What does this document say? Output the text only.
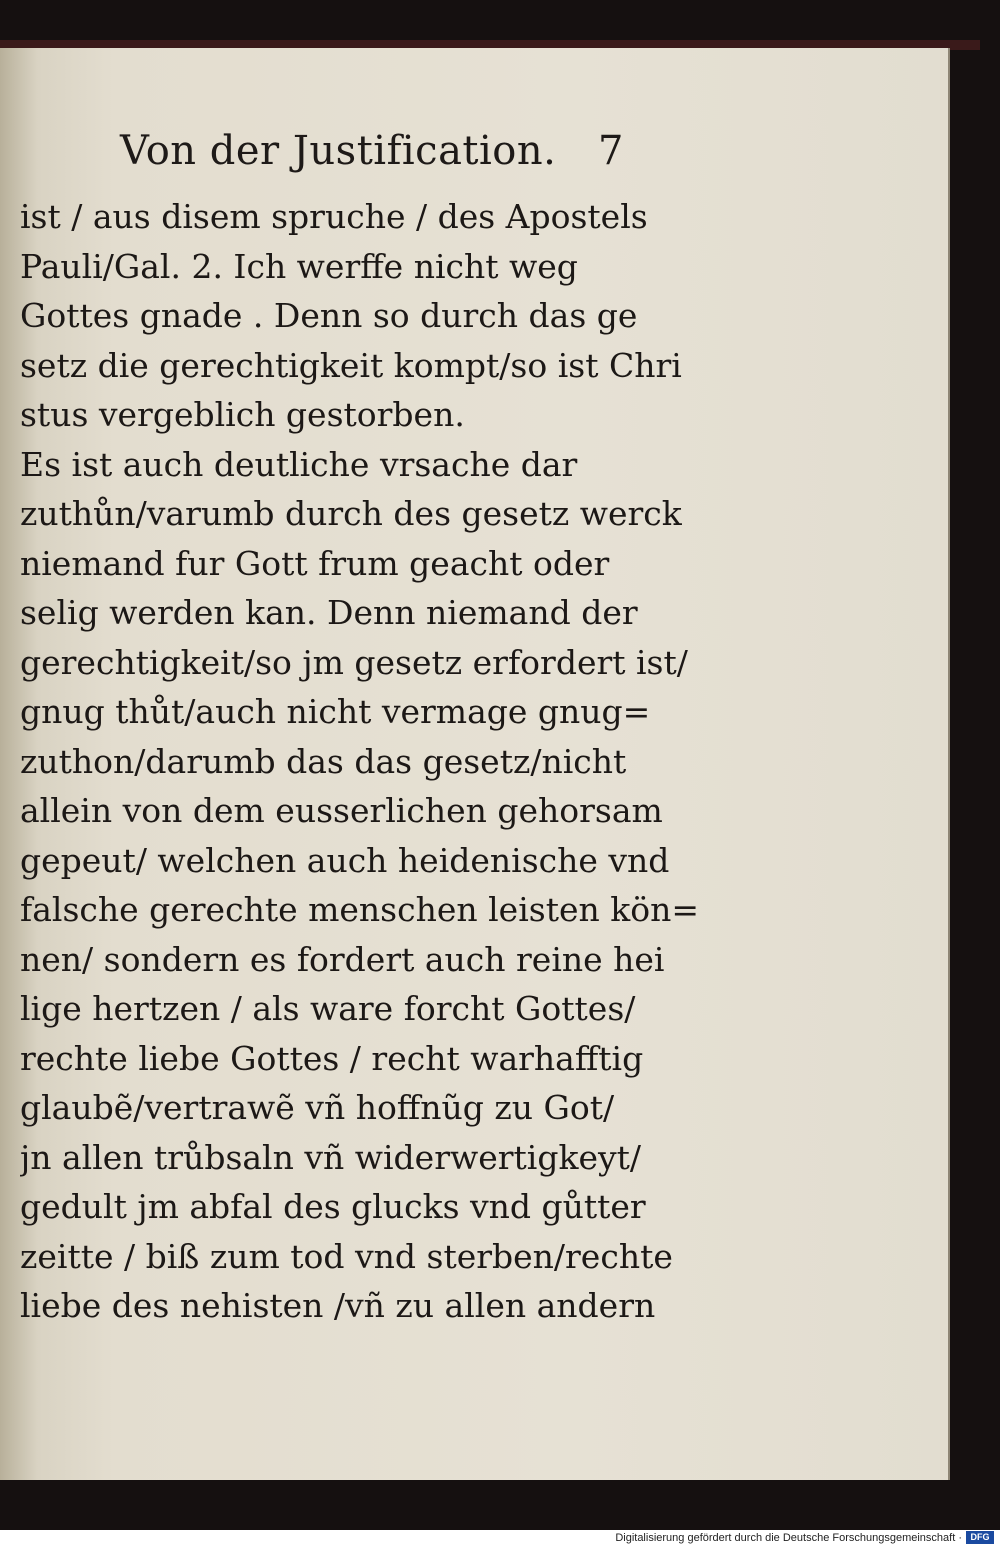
Von der Justification. 7
ist / aus disem spruche / des Apostels
Pauli/Gal. 2. Ich werffe nicht weg
Gottes gnade . Denn so durch das ge
setz die gerechtigkeit kompt/so ist Chri
stus vergeblich gestorben.
Es ist auch deutliche vrsache dar
zuthůn/varumb durch des gesetz werck
niemand fur Gott frum geacht oder
selig werden kan. Denn niemand der
gerechtigkeit/so jm gesetz erfordert ist/
gnug thůt/auch nicht vermage gnug=
zuthon/darumb das das gesetz/nicht
allein von dem eusserlichen gehorsam
gepeut/ welchen auch heidenische vnd
falsche gerechte menschen leisten kön=
nen/ sondern es fordert auch reine hei
lige hertzen / als ware forcht Gottes/
rechte liebe Gottes / recht warhafftig
glaubẽ/vertrawẽ vñ hoffnũg zu Got/
jn allen trůbsaln vñ widerwertigkeyt/
gedult jm abfal des glucks vnd gůtter
zeitte / biß zum tod vnd sterben/rechte
liebe des nehisten /vñ zu allen andern
Digitalisierung gefördert durch die Deutsche Forschungsgemeinschaft · DFG
